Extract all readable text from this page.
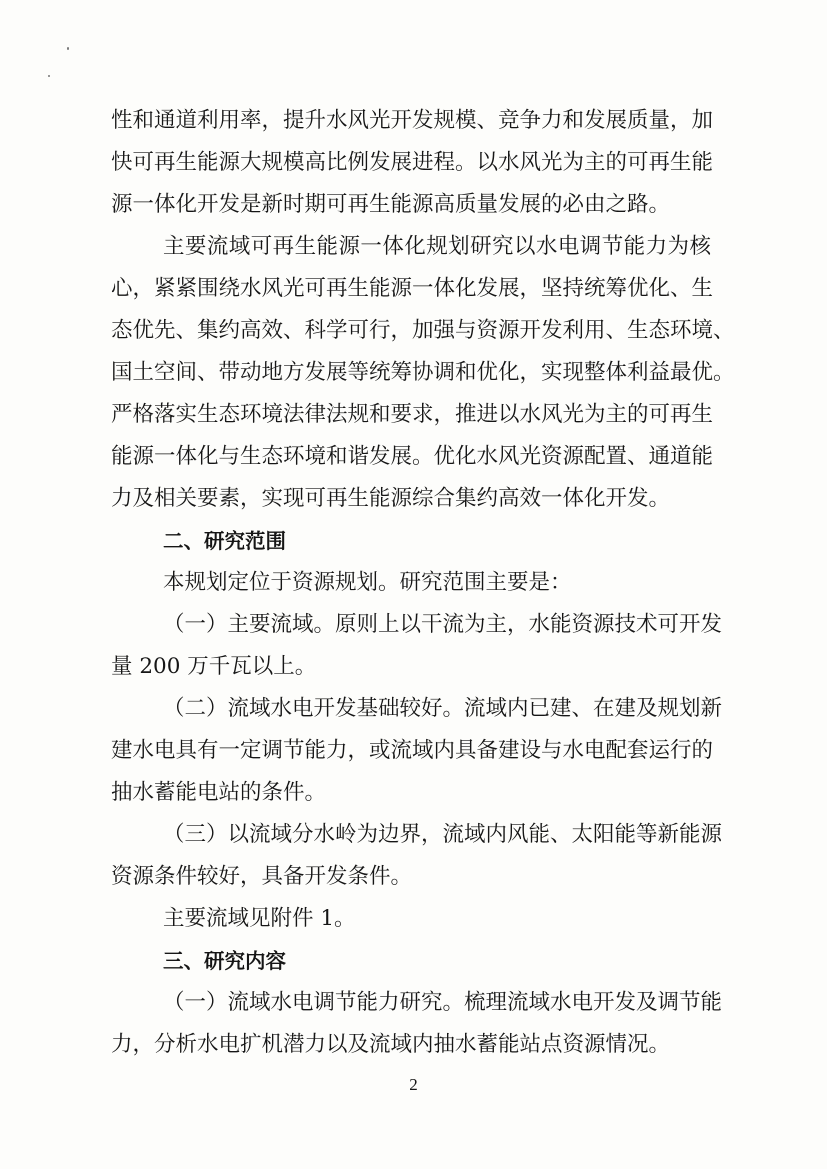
性和通道利用率，提升水风光开发规模、竞争力和发展质量，加
快可再生能源大规模高比例发展进程。以水风光为主的可再生能
源一体化开发是新时期可再生能源高质量发展的必由之路。
主要流域可再生能源一体化规划研究以水电调节能力为核
心，紧紧围绕水风光可再生能源一体化发展，坚持统筹优化、生
态优先、集约高效、科学可行，加强与资源开发利用、生态环境、
国土空间、带动地方发展等统筹协调和优化，实现整体利益最优。
严格落实生态环境法律法规和要求，推进以水风光为主的可再生
能源一体化与生态环境和谐发展。优化水风光资源配置、通道能
力及相关要素，实现可再生能源综合集约高效一体化开发。
二、研究范围
本规划定位于资源规划。研究范围主要是：
（一）主要流域。原则上以干流为主，水能资源技术可开发
量 200 万千瓦以上。
（二）流域水电开发基础较好。流域内已建、在建及规划新
建水电具有一定调节能力，或流域内具备建设与水电配套运行的
抽水蓄能电站的条件。
（三）以流域分水岭为边界，流域内风能、太阳能等新能源
资源条件较好，具备开发条件。
主要流域见附件 1。
三、研究内容
（一）流域水电调节能力研究。梳理流域水电开发及调节能
力，分析水电扩机潜力以及流域内抽水蓄能站点资源情况。
2
